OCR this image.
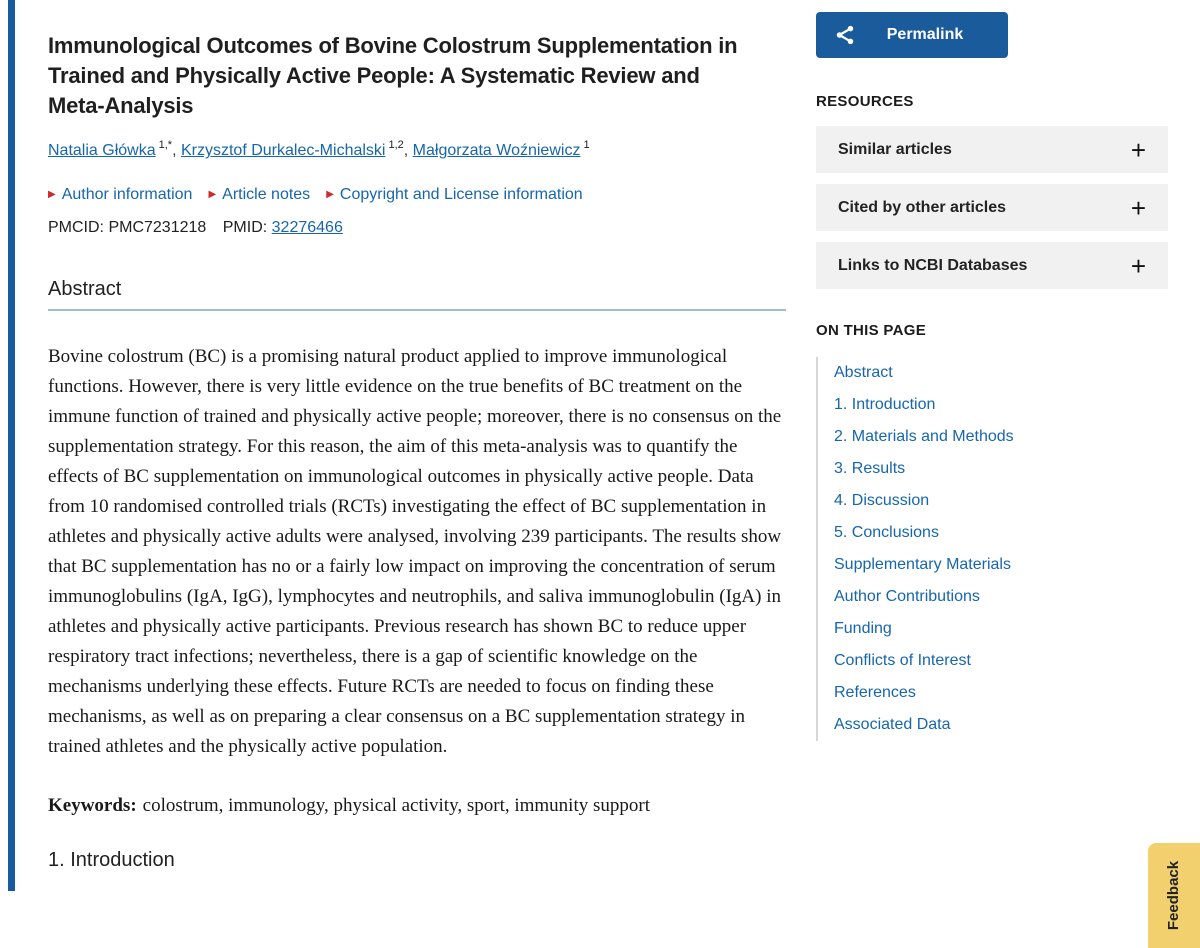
Immunological Outcomes of Bovine Colostrum Supplementation in Trained and Physically Active People: A Systematic Review and Meta-Analysis
Natalia Główka $^{1,*}$, Krzysztof Durkalec-Michalski $^{1,2}$, Małgorzata Woźniewicz $^1$
▶ Author information ▶ Article notes ▶ Copyright and License information
PMCID: PMC7231218 PMID: 32276466
Abstract

Bovine colostrum (BC) is a promising natural product applied to improve immunological functions. However, there is very little evidence on the true benefits of BC treatment on the immune function of trained and physically active people; moreover, there is no consensus on the supplementation strategy. For this reason, the aim of this meta-analysis was to quantify the effects of BC supplementation on immunological outcomes in physically active people. Data from 10 randomised controlled trials (RCTs) investigating the effect of BC supplementation in athletes and physically active adults were analysed, involving 239 participants. The results show that BC supplementation has no or a fairly low impact on improving the concentration of serum immunoglobulins (IgA, IgG), lymphocytes and neutrophils, and saliva immunoglobulin (IgA) in athletes and physically active participants. Previous research has shown BC to reduce upper respiratory tract infections; nevertheless, there is a gap of scientific knowledge on the mechanisms underlying these effects. Future RCTs are needed to focus on finding these mechanisms, as well as on preparing a clear consensus on a BC supplementation strategy in trained athletes and the physically active population.

Keywords: colostrum, immunology, physical activity, sport, immunity support

1. Introduction
Permalink
RESOURCES
Similar articles	+
Cited by other articles	+
Links to NCBI Databases	+
ON THIS PAGE
Abstract
1. Introduction
2. Materials and Methods
3. Results
4. Discussion
5. Conclusions
Supplementary Materials
Author Contributions
Funding
Conflicts of Interest
References
Associated Data
Feedback
